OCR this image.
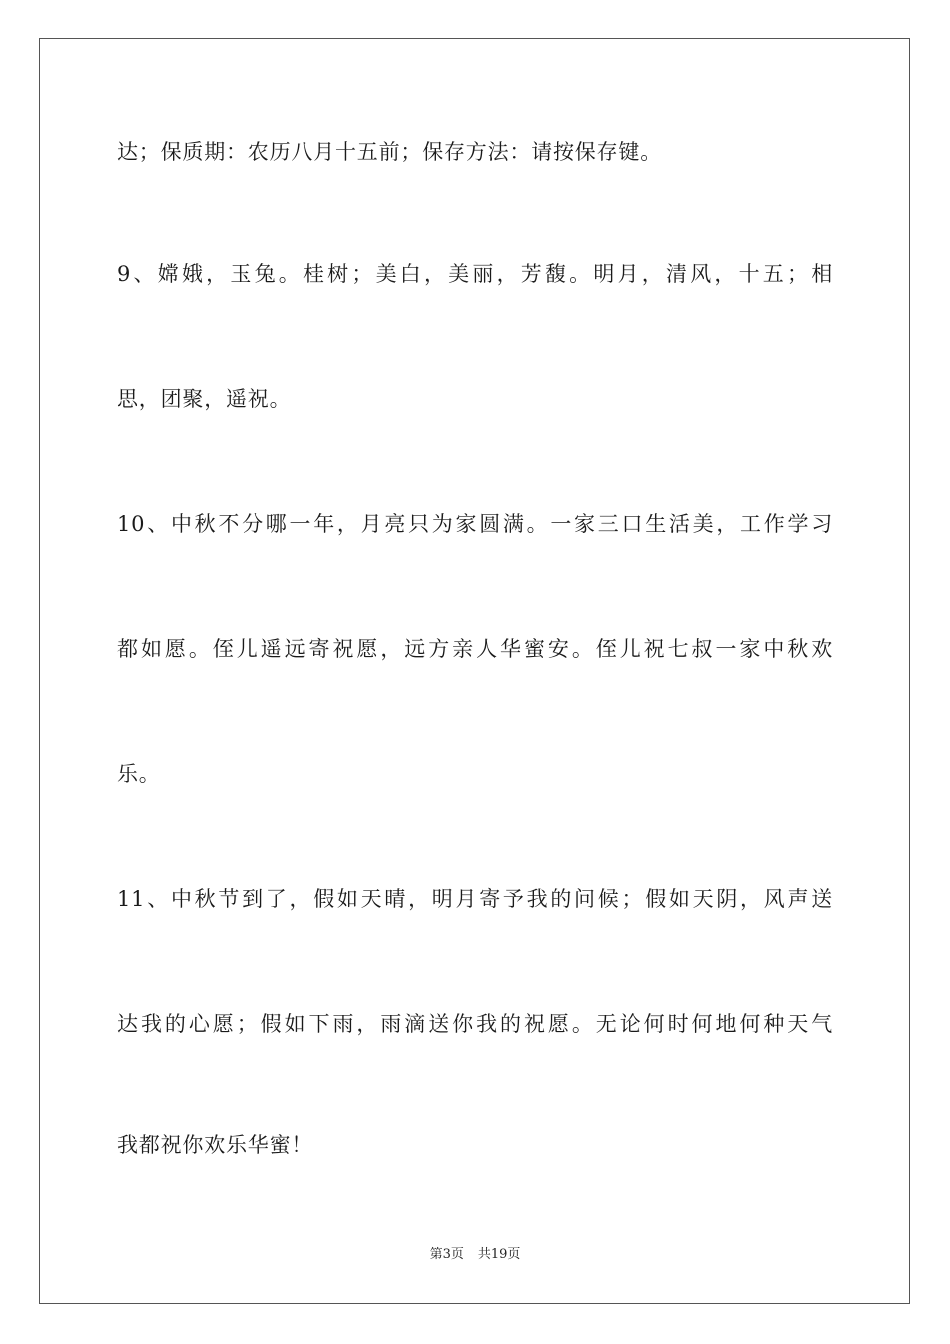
达；保质期：农历八月十五前；保存方法：请按保存键。
9、嫦娥，玉兔。桂树；美白，美丽，芳馥。明月，清风，十五；相
思，团聚，遥祝。
10、中秋不分哪一年，月亮只为家圆满。一家三口生活美，工作学习
都如愿。侄儿遥远寄祝愿，远方亲人华蜜安。侄儿祝七叔一家中秋欢
乐。
11、中秋节到了，假如天晴，明月寄予我的问候；假如天阴，风声送
达我的心愿；假如下雨，雨滴送你我的祝愿。无论何时何地何种天气
我都祝你欢乐华蜜！
第3页 共19页
